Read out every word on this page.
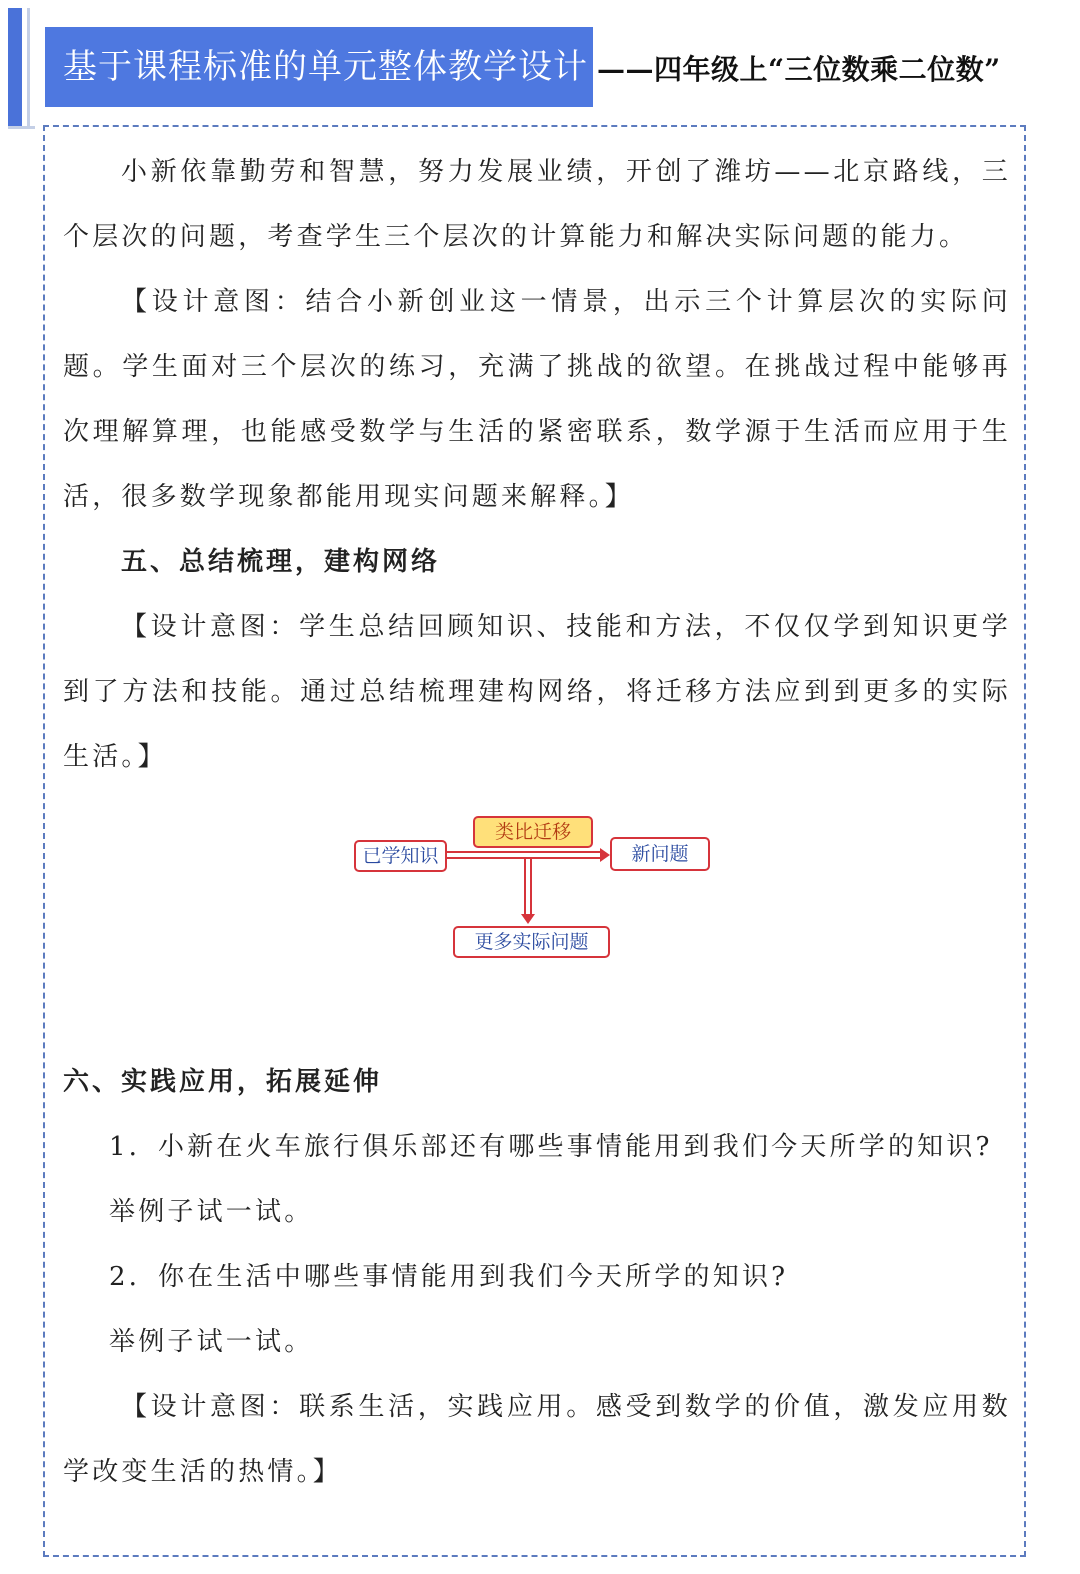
基于课程标准的单元整体教学设计 ——四年级上“三位数乘二位数”

小新依靠勤劳和智慧，努力发展业绩，开创了潍坊——北京路线，三个层次的问题，考查学生三个层次的计算能力和解决实际问题的能力。

【设计意图：结合小新创业这一情景，出示三个计算层次的实际问题。学生面对三个层次的练习，充满了挑战的欲望。在挑战过程中能够再次理解算理，也能感受数学与生活的紧密联系，数学源于生活而应用于生活，很多数学现象都能用现实问题来解释。】

五、总结梳理，建构网络

【设计意图：学生总结回顾知识、技能和方法，不仅仅学到知识更学到了方法和技能。通过总结梳理建构网络，将迁移方法应到到更多的实际生活。】

六、实践应用，拓展延伸

1．小新在火车旅行俱乐部还有哪些事情能用到我们今天所学的知识?

举例子试一试。

2．你在生活中哪些事情能用到我们今天所学的知识?

举例子试一试。

【设计意图：联系生活，实践应用。感受到数学的价值，激发应用数学改变生活的热情。】

已学知识
类比迁移
新问题
更多实际问题
